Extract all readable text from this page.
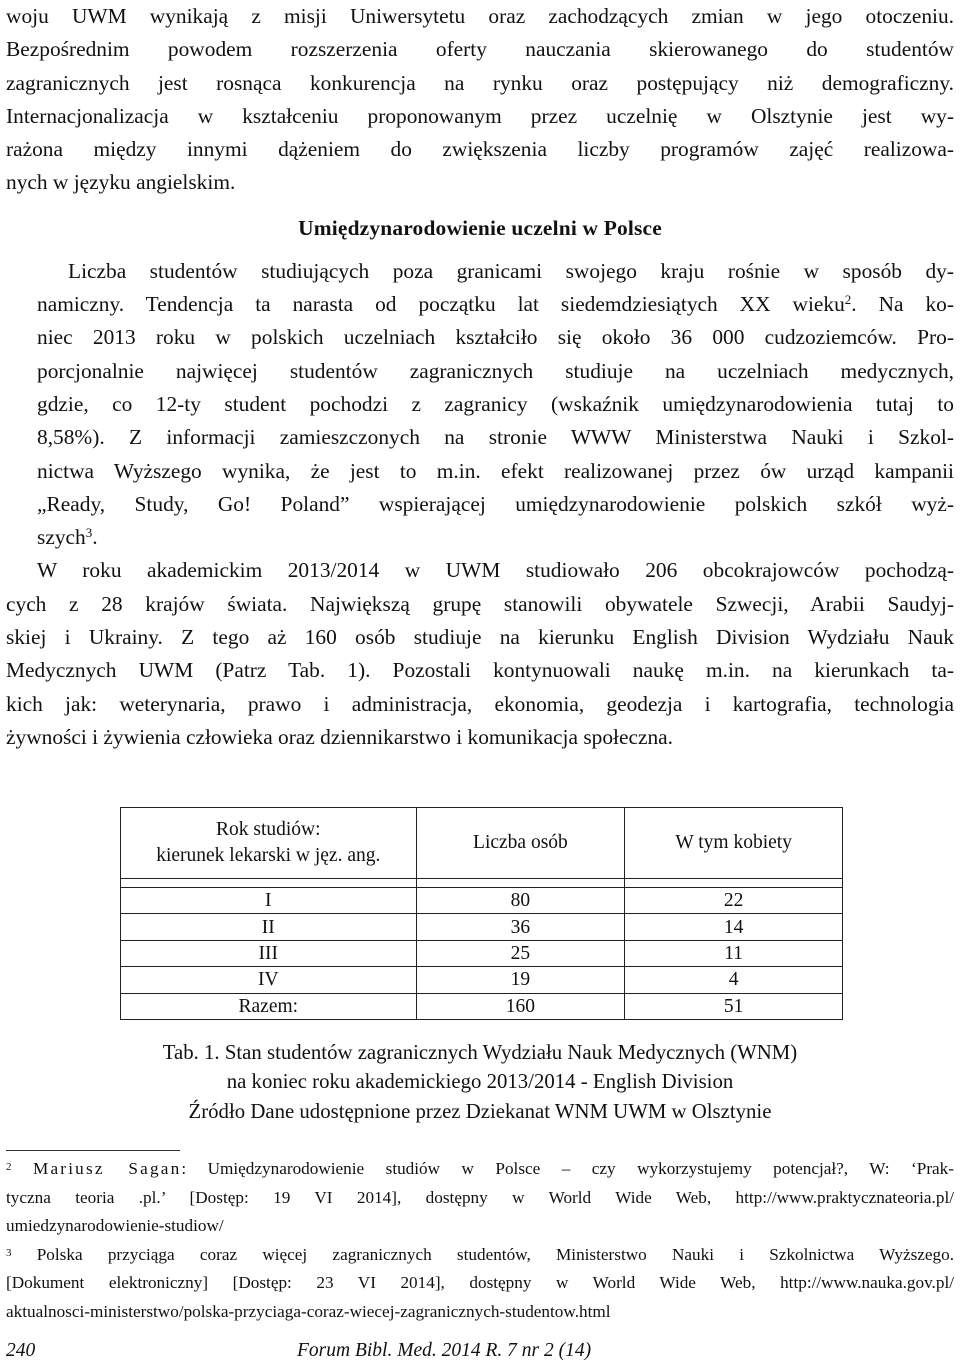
woju UWM wynikają z misji Uniwersytetu oraz zachodzących zmian w jego otoczeniu.
Bezpośrednim powodem rozszerzenia oferty nauczania skierowanego do studentów
zagranicznych jest rosnąca konkurencja na rynku oraz postępujący niż demograficzny.
Internacjonalizacja w kształceniu proponowanym przez uczelnię w Olsztynie jest wy-
rażona między innymi dążeniem do zwiększenia liczby programów zajęć realizowa-
nych w języku angielskim.

Umiędzynarodowienie uczelni w Polsce

Liczba studentów studiujących poza granicami swojego kraju rośnie w sposób dy-
namiczny. Tendencja ta narasta od początku lat siedemdziesiątych XX wieku$^2$. Na ko-
niec 2013 roku w polskich uczelniach kształciło się około 36 000 cudzoziemców. Pro-
porcjonalnie najwięcej studentów zagranicznych studiuje na uczelniach medycznych,
gdzie, co 12-ty student pochodzi z zagranicy (wskaźnik umiędzynarodowienia tutaj to
8,58%). Z informacji zamieszczonych na stronie WWW Ministerstwa Nauki i Szkol-
nictwa Wyższego wynika, że jest to m.in. efekt realizowanej przez ów urząd kampanii
„Ready, Study, Go! Poland” wspierającej umiędzynarodowienie polskich szkół wyż-
szych$^3$.

W roku akademickim 2013/2014 w UWM studiowało 206 obcokrajowców pochodzą-
cych z 28 krajów świata. Największą grupę stanowili obywatele Szwecji, Arabii Saudyj-
skiej i Ukrainy. Z tego aż 160 osób studiuje na kierunku English Division Wydziału Nauk
Medycznych UWM (Patrz Tab. 1). Pozostali kontynuowali naukę m.in. na kierunkach ta-
kich jak: weterynaria, prawo i administracja, ekonomia, geodezja i kartografia, technologia
żywności i żywienia człowieka oraz dziennikarstwo i komunikacja społeczna.

Rok studiów:
kierunek lekarski w jęz. ang.	Liczba osób	W tym kobiety

I	80	22
II	36	14
III	25	11
IV	19	4
Razem:	160	51
Tab. 1. Stan studentów zagranicznych Wydziału Nauk Medycznych (WNM)
na koniec roku akademickiego 2013/2014 - English Division
Źródło Dane udostępnione przez Dziekanat WNM UWM w Olsztynie
$^2$ Mariusz Sagan: Umiędzynarodowienie studiów w Polsce – czy wykorzystujemy potencjał?, W: ‘Prak-
tyczna teoria .pl.’ [Dostęp: 19 VI 2014], dostępny w World Wide Web, http://www.praktycznateoria.pl/
umiedzynarodowienie-studiow/
$^3$ Polska przyciąga coraz więcej zagranicznych studentów, Ministerstwo Nauki i Szkolnictwa Wyższego.
[Dokument elektroniczny] [Dostęp: 23 VI 2014], dostępny w World Wide Web, http://www.nauka.gov.pl/
aktualnosci-ministerstwo/polska-przyciaga-coraz-wiecej-zagranicznych-studentow.html
240	Forum Bibl. Med. 2014 R. 7 nr 2 (14)
